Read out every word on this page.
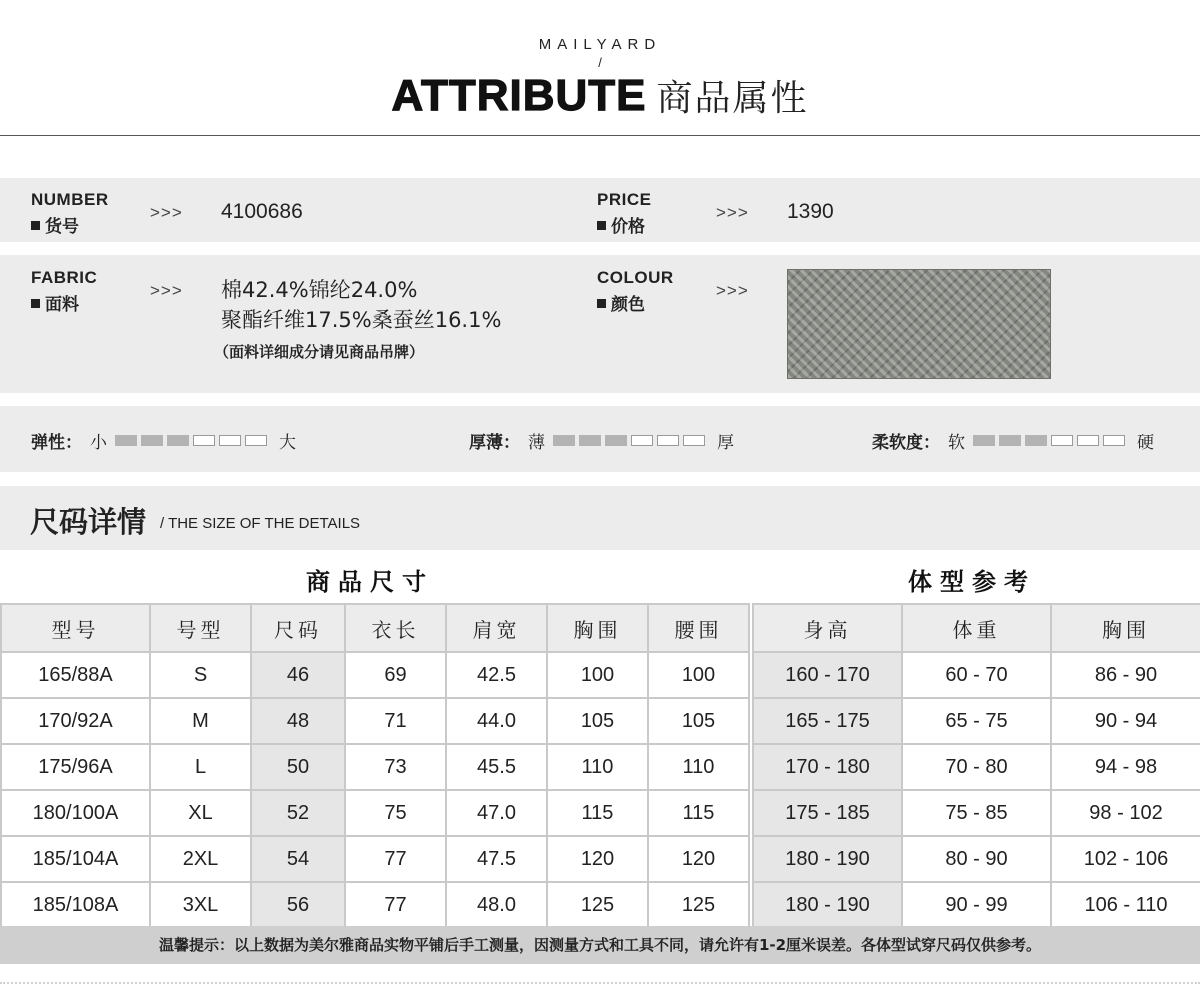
MAILYARD
/
ATTRIBUTE 商品属性
NUMBER
货号
>>> 4100686
PRICE
价格
>>> 1390
FABRIC
面料
>>> 棉42.4%锦纶24.0%
聚酯纤维17.5%桑蚕丝16.1%
（面料详细成分请见商品吊牌）
COLOUR
颜色
>>>
弹性： 小	大	厚薄： 薄	厚	柔软度： 软	硬
尺码详情 / THE SIZE OF THE DETAILS
商品尺寸	体型参考
型号	号型	尺码	衣长	肩宽	胸围	腰围
165/88A	S	46	69	42.5	100	100
170/92A	M	48	71	44.0	105	105
175/96A	L	50	73	45.5	110	110
180/100A	XL	52	75	47.0	115	115
185/104A	2XL	54	77	47.5	120	120
185/108A	3XL	56	77	48.0	125	125
身高	体重	胸围
160 - 170	60 - 70	86 - 90
165 - 175	65 - 75	90 - 94
170 - 180	70 - 80	94 - 98
175 - 185	75 - 85	98 - 102
180 - 190	80 - 90	102 - 106
180 - 190	90 - 99	106 - 110
温馨提示：以上数据为美尔雅商品实物平铺后手工测量，因测量方式和工具不同，请允许有1-2厘米误差。各体型试穿尺码仅供参考。
